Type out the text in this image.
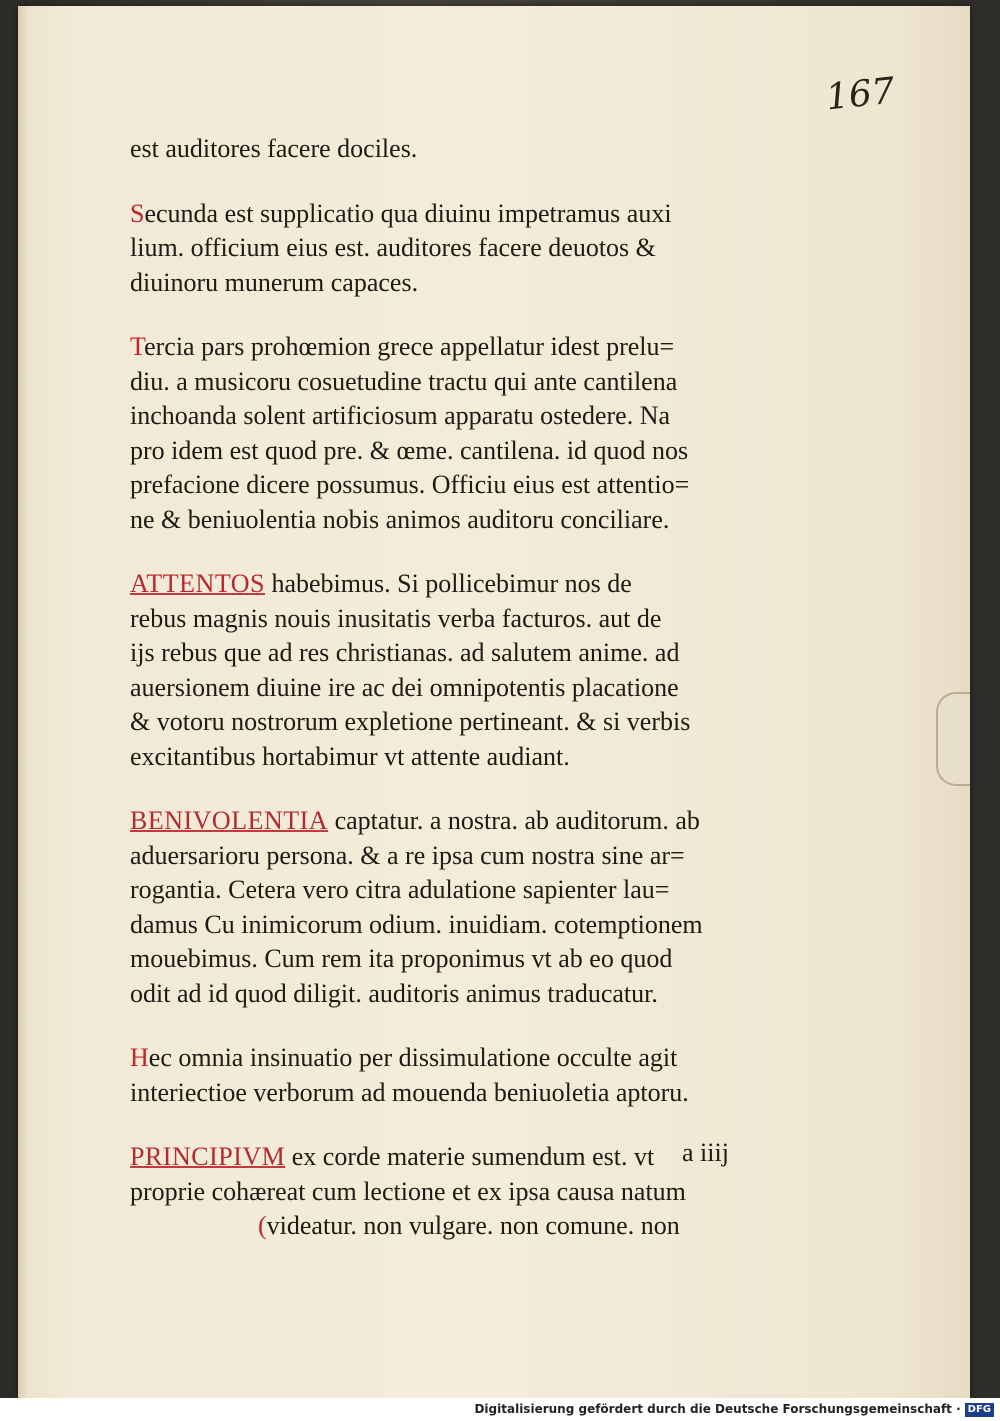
167

est auditores facere dociles.

Secunda est supplicatio qua diuinu impetramus auxi

lium. officium eius est. auditores facere deuotos &

diuinoru munerum capaces.

Tercia pars prohœmion grece appellatur idest prelu=

diu. a musicoru cosuetudine tractu qui ante cantilena

inchoanda solent artificiosum apparatu ostedere. Na

pro idem est quod pre. & œme. cantilena. id quod nos

prefacione dicere possumus. Officiu eius est attentio=

ne & beniuolentia nobis animos auditoru conciliare.

ATTENTOS habebimus. Si pollicebimur nos de

rebus magnis nouis inusitatis verba facturos. aut de

ijs rebus que ad res christianas. ad salutem anime. ad

auersionem diuine ire ac dei omnipotentis placatione

& votoru nostrorum expletione pertineant. & si verbis

excitantibus hortabimur vt attente audiant.

BENIVOLENTIA captatur. a nostra. ab auditorum. ab

aduersarioru persona. & a re ipsa cum nostra sine ar=

rogantia. Cetera vero citra adulatione sapienter lau=

damus Cu inimicorum odium. inuidiam. cotemptionem

mouebimus. Cum rem ita proponimus vt ab eo quod

odit ad id quod diligit. auditoris animus traducatur.

Hec omnia insinuatio per dissimulatione occulte agit

interiectioe verborum ad mouenda beniuoletia aptoru.

PRINCIPIVM ex corde materie sumendum est. vt

proprie cohæreat cum lectione et ex ipsa causa natum

(videatur. non vulgare. non comune. non

a iiij
Digitalisierung gefördert durch die Deutsche Forschungsgemeinschaft · DFG
